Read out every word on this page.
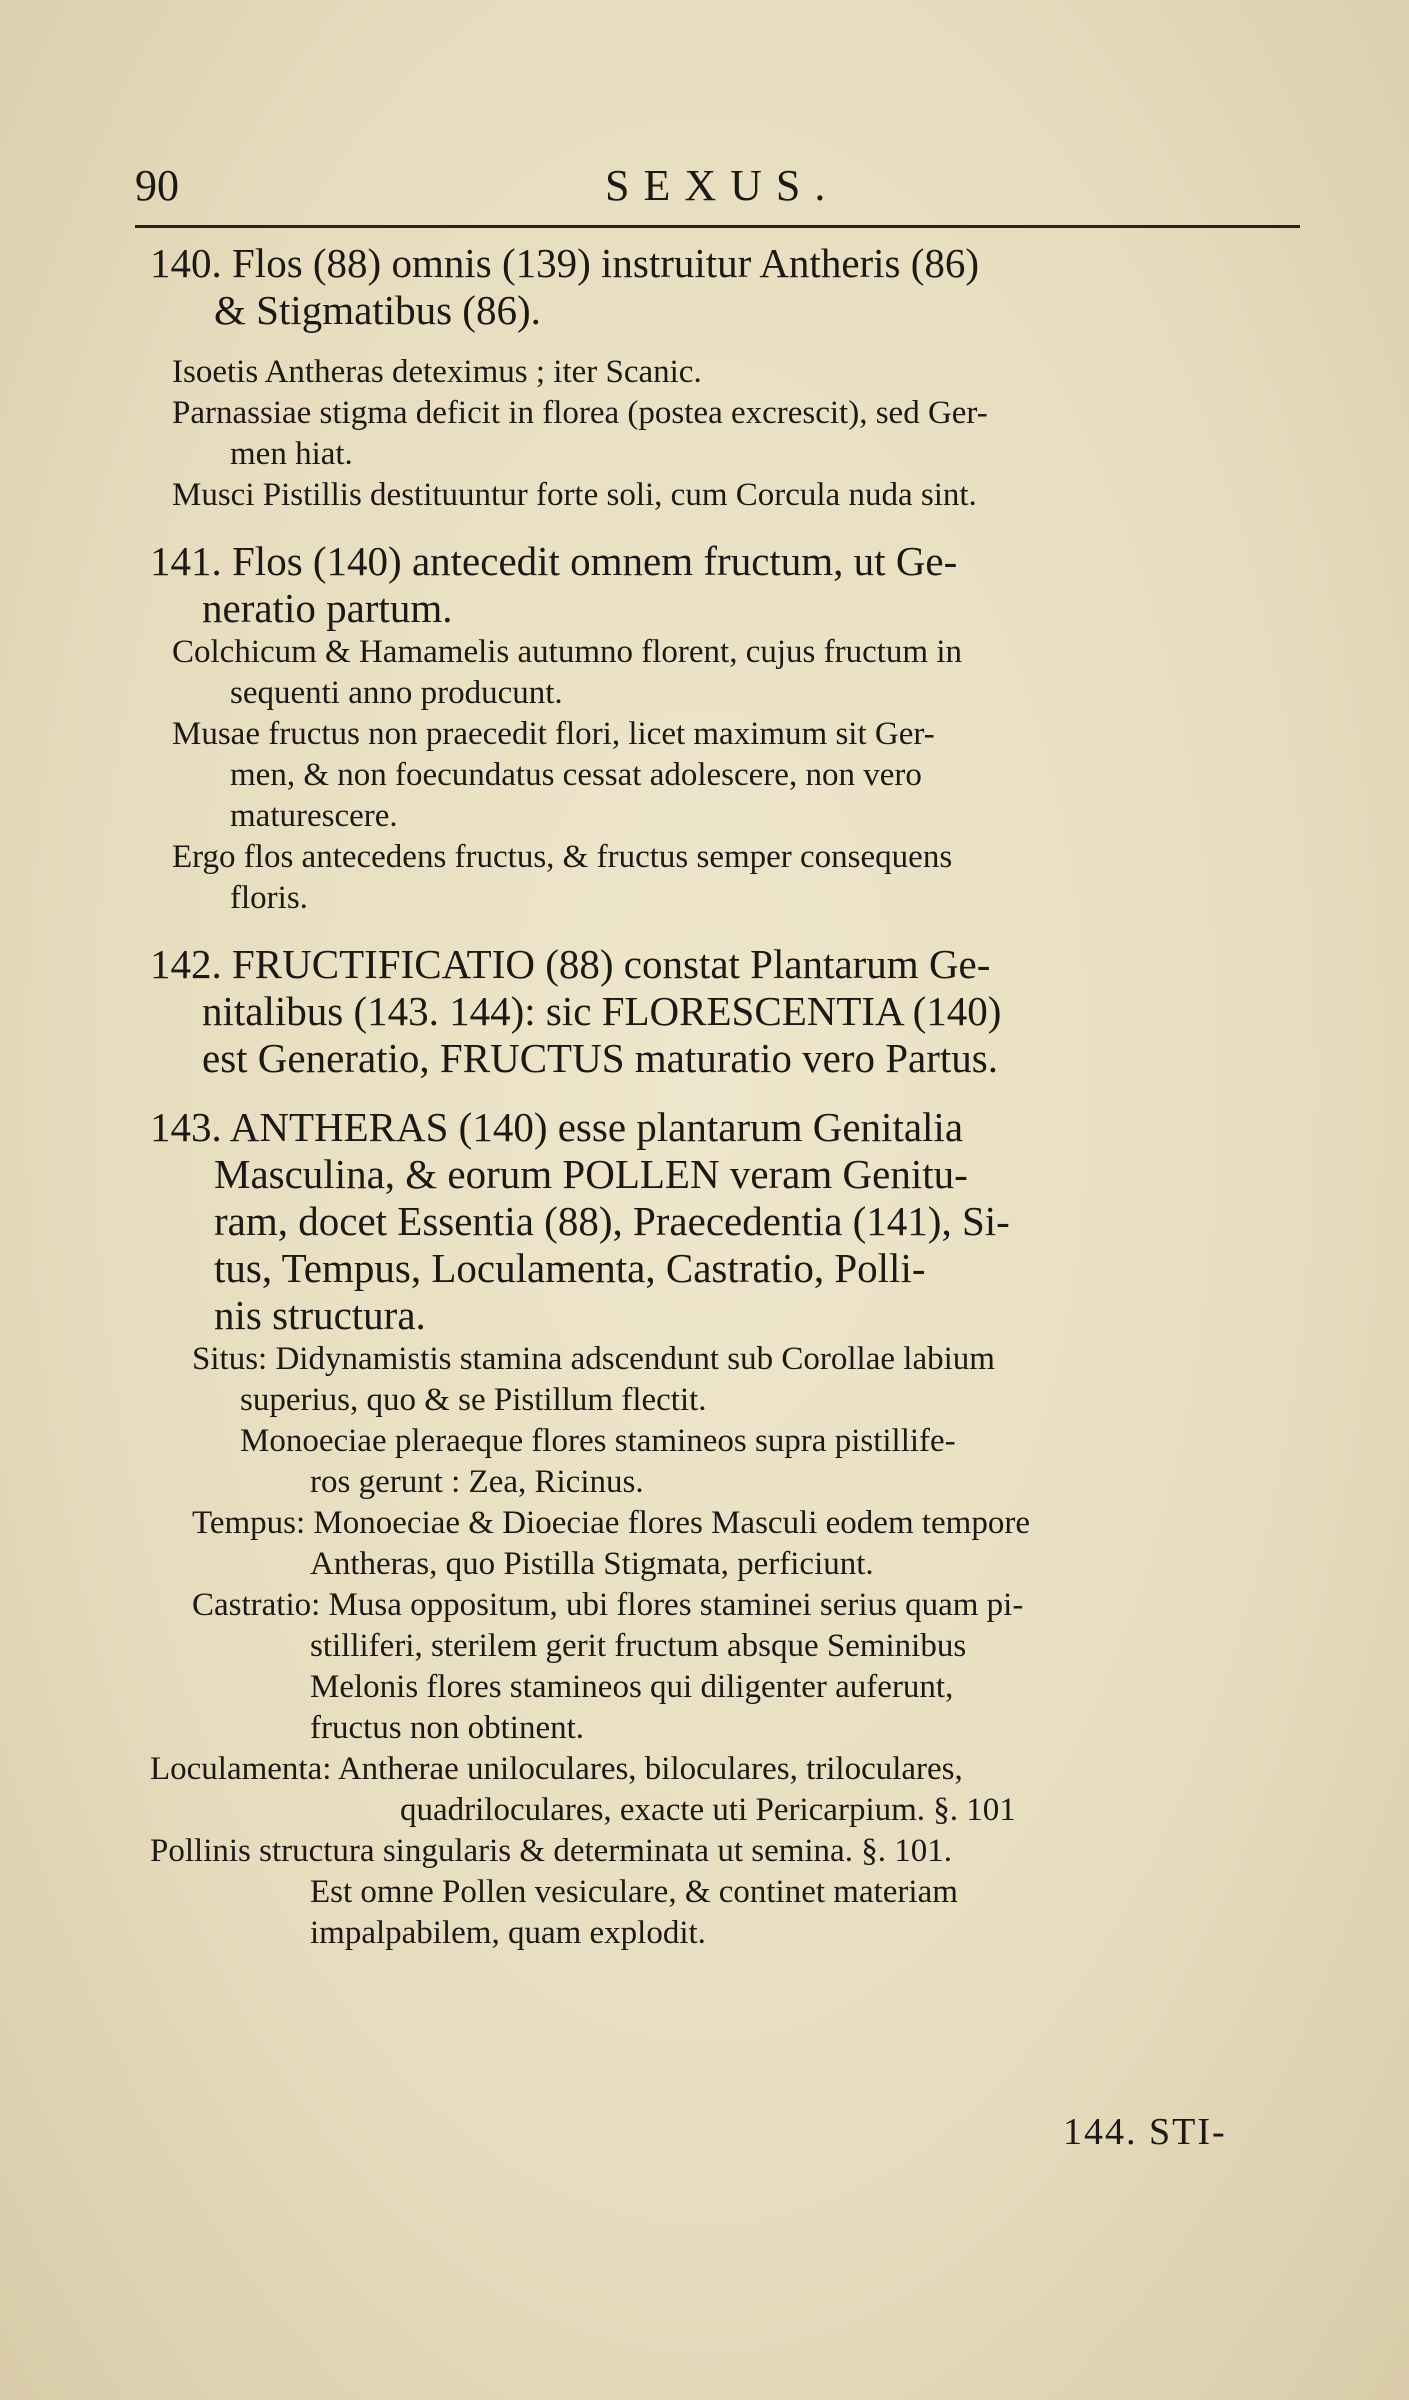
90	SEXUS.

140. Flos (88) omnis (139) instruitur Antheris (86)
& Stigmatibus (86).

Isoetis Antheras deteximus ; iter Scanic.
Parnassiae stigma deficit in florea (postea excrescit), sed Ger-
men hiat.
Musci Pistillis destituuntur forte soli, cum Corcula nuda sint.

141. Flos (140) antecedit omnem fructum, ut Ge-
neratio partum.

Colchicum & Hamamelis autumno florent, cujus fructum in
sequenti anno producunt.
Musae fructus non praecedit flori, licet maximum sit Ger-
men, & non foecundatus cessat adolescere, non vero
maturescere.
Ergo flos antecedens fructus, & fructus semper consequens
floris.

142. FRUCTIFICATIO (88) constat Plantarum Ge-
nitalibus (143. 144): sic FLORESCENTIA (140)
est Generatio, FRUCTUS maturatio vero Partus.

143. ANTHERAS (140) esse plantarum Genitalia
Masculina, & eorum POLLEN veram Genitu-
ram, docet Essentia (88), Praecedentia (141), Si-
tus, Tempus, Loculamenta, Castratio, Polli-
nis structura.

Situs: Didynamistis stamina adscendunt sub Corollae labium
superius, quo & se Pistillum flectit.
Monoeciae pleraeque flores stamineos supra pistillife-
ros gerunt : Zea, Ricinus.
Tempus: Monoeciae & Dioeciae flores Masculi eodem tempore
Antheras, quo Pistilla Stigmata, perficiunt.
Castratio: Musa oppositum, ubi flores staminei serius quam pi-
stilliferi, sterilem gerit fructum absque Seminibus
Melonis flores stamineos qui diligenter auferunt,
fructus non obtinent.
Loculamenta: Antherae uniloculares, biloculares, triloculares,
quadriloculares, exacte uti Pericarpium. §. 101
Pollinis structura singularis & determinata ut semina. §. 101.
Est omne Pollen vesiculare, & continet materiam
impalpabilem, quam explodit.

144. STI-
